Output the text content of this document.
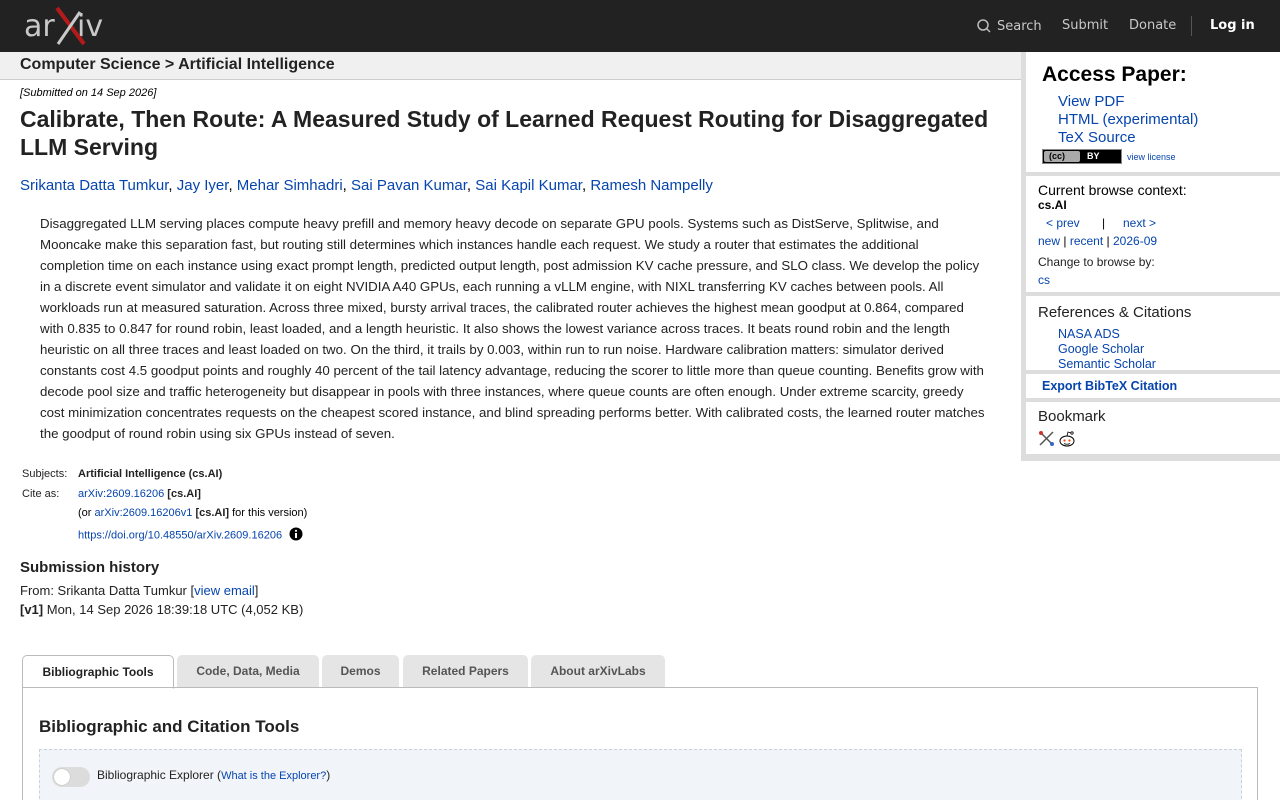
ar iv	Search Submit Donate	Log in
Computer Science > Artificial Intelligence
[Submitted on 14 Sep 2026]
Calibrate, Then Route: A Measured Study of Learned Request Routing for Disaggregated LLM Serving
Srikanta Datta Tumkur, Jay Iyer, Mehar Simhadri, Sai Pavan Kumar, Sai Kapil Kumar, Ramesh Nampelly
Disaggregated LLM serving places compute heavy prefill and memory heavy decode on separate GPU pools. Systems such as DistServe, Splitwise, and Mooncake make this separation fast, but routing still determines which instances handle each request. We study a router that estimates the additional completion time on each instance using exact prompt length, predicted output length, post admission KV cache pressure, and SLO class. We develop the policy in a discrete event simulator and validate it on eight NVIDIA A40 GPUs, each running a vLLM engine, with NIXL transferring KV caches between pools. All workloads run at measured saturation. Across three mixed, bursty arrival traces, the calibrated router achieves the highest mean goodput at 0.864, compared with 0.835 to 0.847 for round robin, least loaded, and a length heuristic. It also shows the lowest variance across traces. It beats round robin and the length heuristic on all three traces and least loaded on two. On the third, it trails by 0.003, within run to run noise. Hardware calibration matters: simulator derived constants cost 4.5 goodput points and roughly 40 percent of the tail latency advantage, reducing the scorer to little more than queue counting. Benefits grow with decode pool size and traffic heterogeneity but disappear in pools with three instances, where queue counts are often enough. Under extreme scarcity, greedy cost minimization concentrates requests on the cheapest scored instance, and blind spreading performs better. With calibrated costs, the learned router matches the goodput of round robin using six GPUs instead of seven.
Subjects: Artificial Intelligence (cs.AI)
Cite as: arXiv:2609.16206 [cs.AI]
(or arXiv:2609.16206v1 [cs.AI] for this version)
https://doi.org/10.48550/arXiv.2609.16206
Submission history
From: Srikanta Datta Tumkur [view email]
[v1] Mon, 14 Sep 2026 18:39:18 UTC (4,052 KB)
Bibliographic Tools	Code, Data, Media	Demos	Related Papers	About arXivLabs
Bibliographic and Citation Tools
Bibliographic Explorer (What is the Explorer?)
Access Paper:
View PDF
HTML (experimental)
TeX Source
(cc) BY	view license
Current browse context:
cs.AI
< prev | next >
new | recent | 2026-09
Change to browse by:
cs
References & Citations
NASA ADS
Google Scholar
Semantic Scholar
Export BibTeX Citation
Bookmark
